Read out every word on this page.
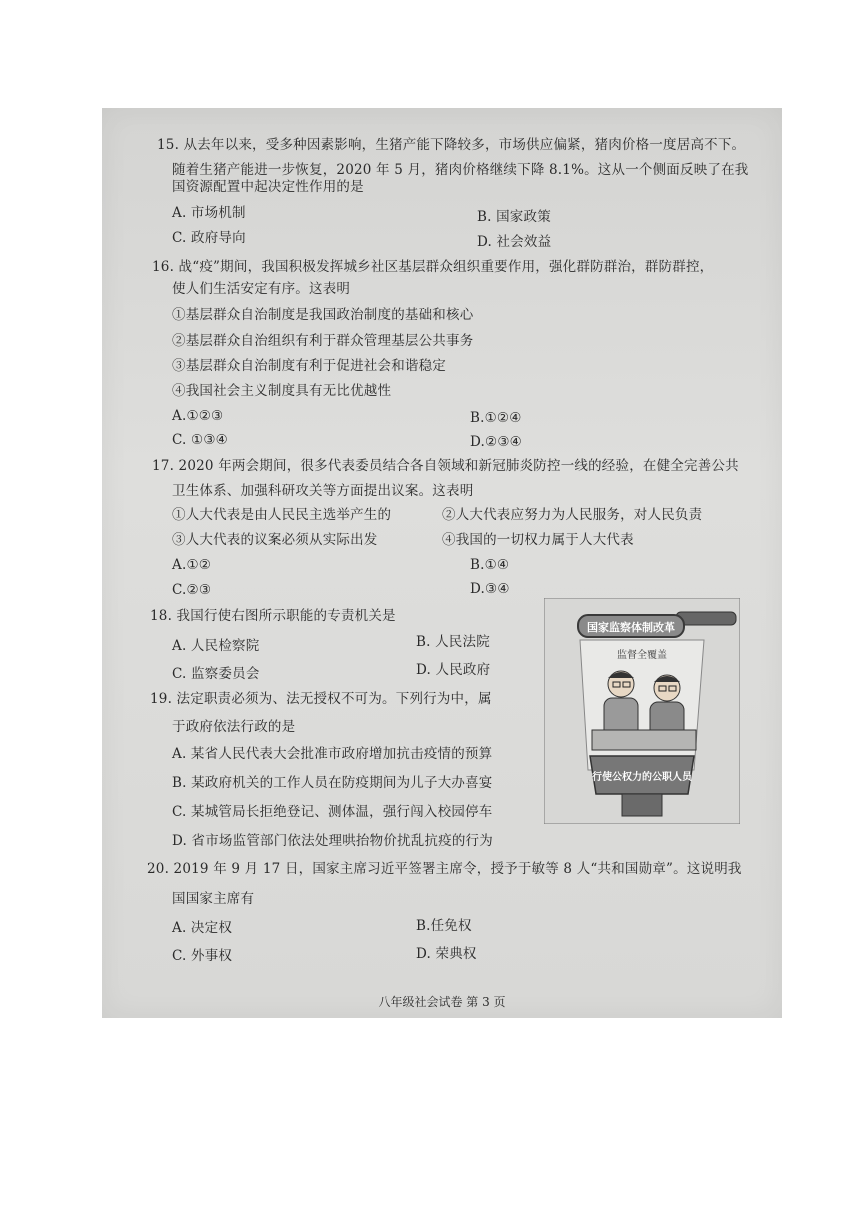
15. 从去年以来，受多种因素影响，生猪产能下降较多，市场供应偏紧，猪肉价格一度居高不下。
随着生猪产能进一步恢复，2020 年 5 月，猪肉价格继续下降 8.1%。这从一个侧面反映了在我
国资源配置中起决定性作用的是
A. 市场机制	B. 国家政策
C. 政府导向	D. 社会效益
16. 战“疫”期间，我国积极发挥城乡社区基层群众组织重要作用，强化群防群治，群防群控，
使人们生活安定有序。这表明
①基层群众自治制度是我国政治制度的基础和核心
②基层群众自治组织有利于群众管理基层公共事务
③基层群众自治制度有利于促进社会和谐稳定
④我国社会主义制度具有无比优越性
A.①②③	B.①②④
C. ①③④	D.②③④
17. 2020 年两会期间，很多代表委员结合各自领域和新冠肺炎防控一线的经验，在健全完善公共
卫生体系、加强科研攻关等方面提出议案。这表明
①人大代表是由人民民主选举产生的	②人大代表应努力为人民服务，对人民负责
③人大代表的议案必须从实际出发	④我国的一切权力属于人大代表
A.①②	B.①④
C.②③	D.③④
18. 我国行使右图所示职能的专责机关是
A. 人民检察院	B. 人民法院
C. 监察委员会	D. 人民政府
19. 法定职责必须为、法无授权不可为。下列行为中，属
于政府依法行政的是
A. 某省人民代表大会批准市政府增加抗击疫情的预算
B. 某政府机关的工作人员在防疫期间为儿子大办喜宴
C. 某城管局长拒绝登记、测体温，强行闯入校园停车
D. 省市场监管部门依法处理哄抬物价扰乱抗疫的行为
20. 2019 年 9 月 17 日，国家主席习近平签署主席令，授予于敏等 8 人“共和国勋章”。这说明我
国国家主席有
A. 决定权	B.任免权
C. 外事权	D. 荣典权
国家监察体制改革
监督全覆盖
行使公权力的公职人员
八年级社会试卷 第 3 页
